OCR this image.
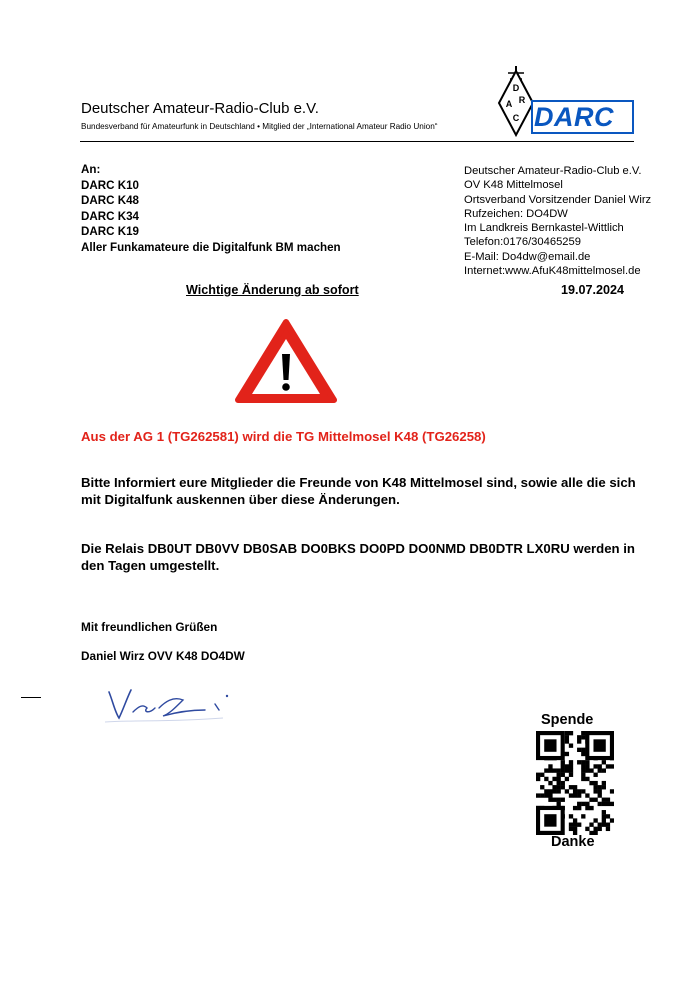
Deutscher Amateur-Radio-Club e.V.
Bundesverband für Amateurfunk in Deutschland • Mitglied der „International Amateur Radio Union“
D
R
A
C DARC
An:
DARC K10
DARC K48
DARC K34
DARC K19
Aller Funkamateure die Digitalfunk BM machen
Deutscher Amateur-Radio-Club e.V.
OV K48 Mittelmosel
Ortsverband Vorsitzender Daniel Wirz
Rufzeichen: DO4DW
Im Landkreis Bernkastel-Wittlich
Telefon:0176/30465259
E-Mail: Do4dw@email.de
Internet:www.AfuK48mittelmosel.de
Wichtige Änderung ab sofort	19.07.2024
Aus der AG 1 (TG262581) wird die TG Mittelmosel K48 (TG26258)
Bitte Informiert eure Mitglieder die Freunde von K48 Mittelmosel sind, sowie alle die sich mit Digitalfunk auskennen über diese Änderungen.
Die Relais DB0UT DB0VV DB0SAB DO0BKS DO0PD DO0NMD DB0DTR LX0RU werden in den Tagen umgestellt.
Mit freundlichen Grüßen
Daniel Wirz OVV K48 DO4DW
Spende
Danke
